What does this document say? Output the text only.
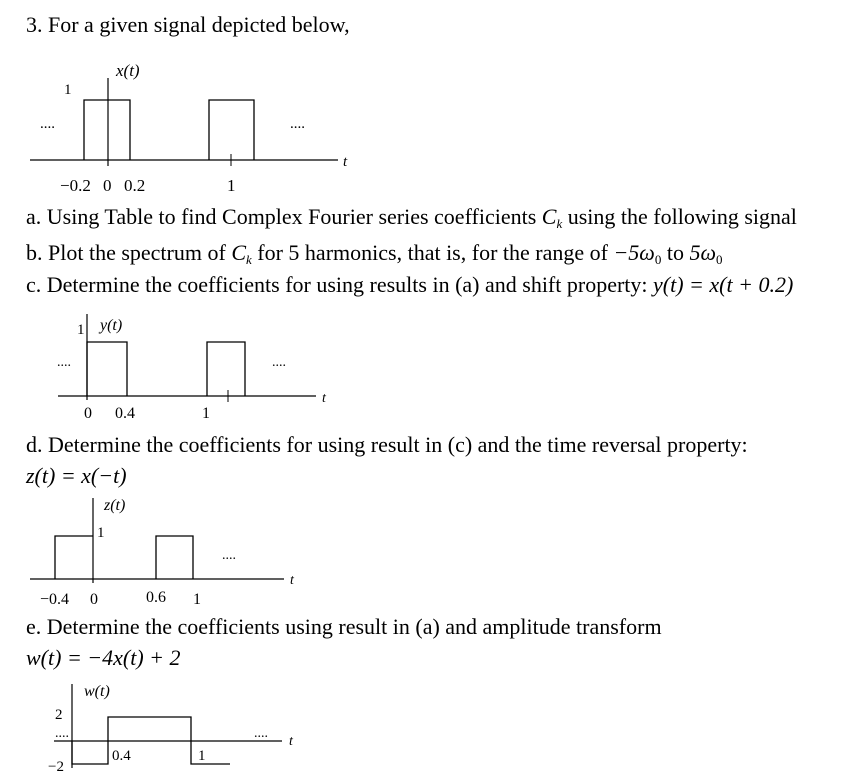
3. For a given signal depicted below,
x(t)
1
....	....
t
−0.2 0 0.2	1
a. Using Table to find Complex Fourier series coefficients $C_k$ using the following signal
b. Plot the spectrum of $C_k$ for 5 harmonics, that is, for the range of $-5\omega_0$ to $5\omega_0$
c. Determine the coefficients for using results in (a) and shift property: y(t) = x(t + 0.2)
y(t)
1
....	....
t
0 0.4	1
d. Determine the coefficients for using result in (c) and the time reversal property:
z(t) = x(−t)
z(t)
1
....
t
−0.4 0	0.6 1
e. Determine the coefficients using result in (a) and amplitude transform
w(t) = −4x(t) + 2
w(t)
2
−2
....	....
t
0.4	1
